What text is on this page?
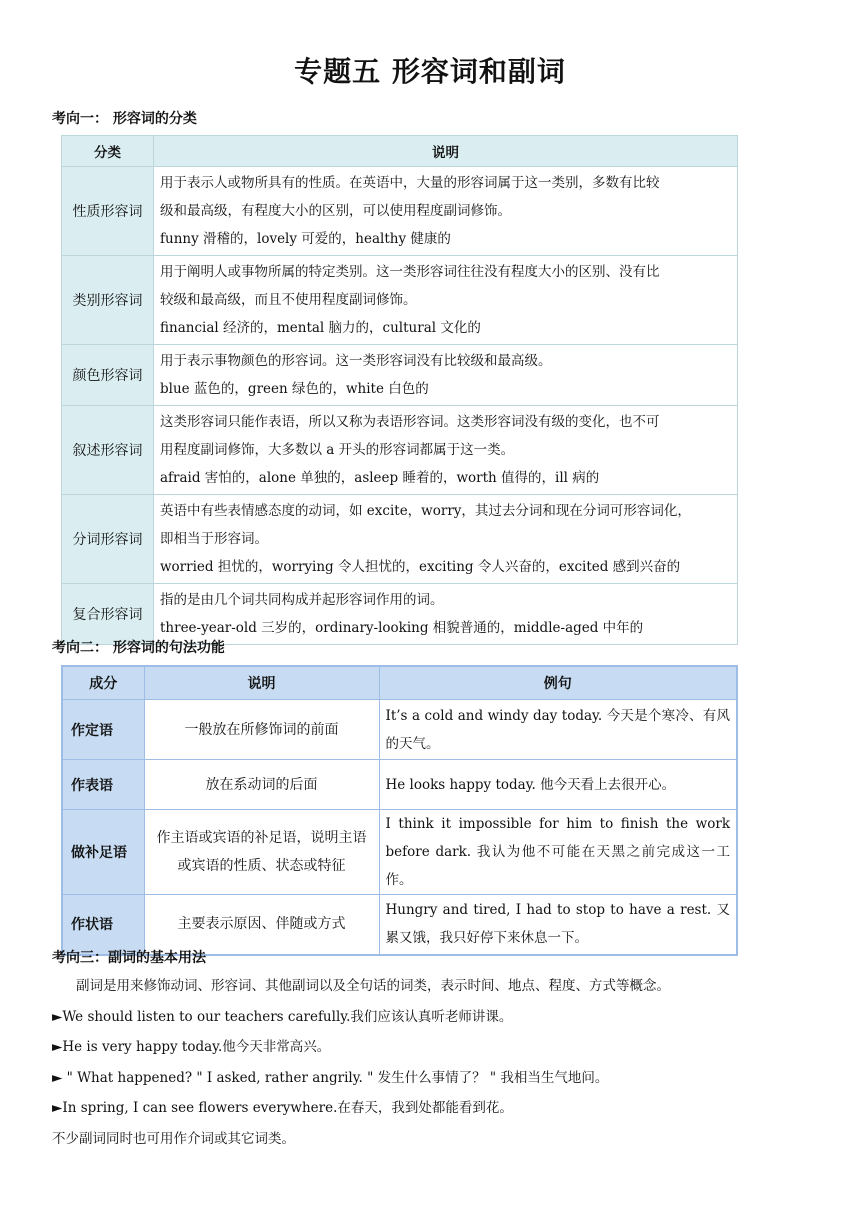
专题五 形容词和副词
考向一： 形容词的分类
分类	说明
性质形容词	用于表示人或物所具有的性质。在英语中，大量的形容词属于这一类别，多数有比较

级和最高级，有程度大小的区别，可以使用程度副词修饰。

funny 滑稽的，lovely 可爱的，healthy 健康的

类别形容词	用于阐明人或事物所属的特定类别。这一类形容词往往没有程度大小的区别、没有比

较级和最高级，而且不使用程度副词修饰。

financial 经济的，mental 脑力的，cultural 文化的

颜色形容词	用于表示事物颜色的形容词。这一类形容词没有比较级和最高级。

blue 蓝色的，green 绿色的，white 白色的

叙述形容词	这类形容词只能作表语，所以又称为表语形容词。这类形容词没有级的变化，也不可

用程度副词修饰，大多数以 a 开头的形容词都属于这一类。

afraid 害怕的，alone 单独的，asleep 睡着的，worth 值得的，ill 病的

分词形容词	英语中有些表情感态度的动词，如 excite，worry，其过去分词和现在分词可形容词化，

即相当于形容词。

worried 担忧的，worrying 令人担忧的，exciting 令人兴奋的，excited 感到兴奋的

复合形容词	指的是由几个词共同构成并起形容词作用的词。

three-year-old 三岁的，ordinary-looking 相貌普通的，middle-aged 中年的

考向二： 形容词的句法功能
成分	说明	例句
作定语	一般放在所修饰词的前面	It’s a cold and windy day today. 今天是个寒冷、有风的天气。
作表语	放在系动词的后面	He looks happy today. 他今天看上去很开心。
做补足语	作主语或宾语的补足语，说明主语或宾语的性质、状态或特征	I think it impossible for him to finish the work before dark. 我认为他不可能在天黑之前完成这一工作。
作状语	主要表示原因、伴随或方式	Hungry and tired, I had to stop to have a rest. 又累又饿，我只好停下来休息一下。
考向三：副词的基本用法
副词是用来修饰动词、形容词、其他副词以及全句话的词类，表示时间、地点、程度、方式等概念。
►We should listen to our teachers carefully.我们应该认真听老师讲课。
►He is very happy today.他今天非常高兴。
► " What happened? " I asked, rather angrily. " 发生什么事情了？ " 我相当生气地问。
►In spring, I can see flowers everywhere.在春天，我到处都能看到花。
不少副词同时也可用作介词或其它词类。
